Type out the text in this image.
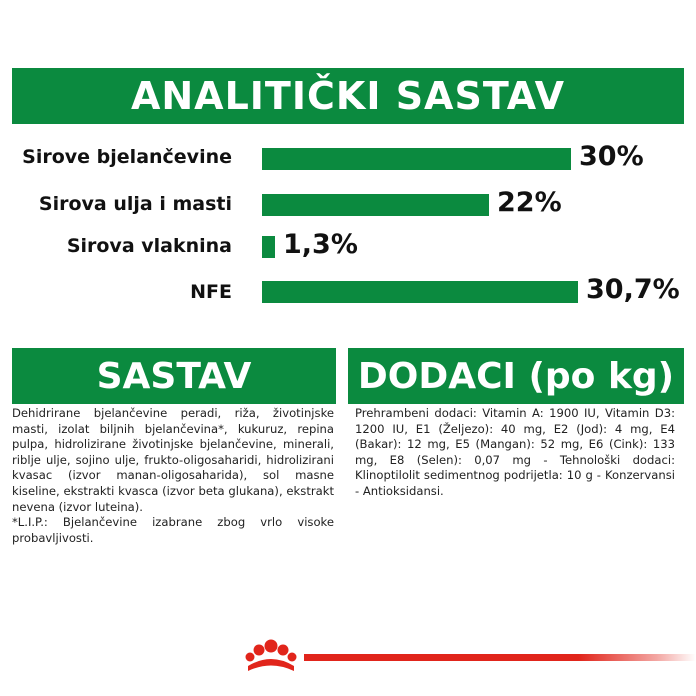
ANALITIČKI SASTAV
Sirove bjelančevine	30%
Sirova ulja i masti	22%
Sirova vlaknina 1,3%
NFE	30,7%
SASTAV
Dehidrirane bjelančevine peradi, riža, životinjske masti, izolat biljnih bjelančevina*, kukuruz, repina pulpa, hidrolizirane životinjske bjelančevine, minerali, riblje ulje, sojino ulje, frukto-oligosaharidi, hidrolizirani kvasac (izvor manan-oligosaharida), sol masne kiseline, ekstrakti kvasca (izvor beta glukana), ekstrakt nevena (izvor luteina).
*L.I.P.: Bjelančevine izabrane zbog vrlo visoke probavljivosti.
DODACI (po kg)
Prehrambeni dodaci: Vitamin A: 1900 IU, Vitamin D3: 1200 IU, E1 (Željezo): 40 mg, E2 (Jod): 4 mg, E4 (Bakar): 12 mg, E5 (Mangan): 52 mg, E6 (Cink): 133 mg, E8 (Selen): 0,07 mg - Tehnološki dodaci: Klinoptilolit sedimentnog podrijetla: 10 g - Konzervansi - Antioksidansi.
